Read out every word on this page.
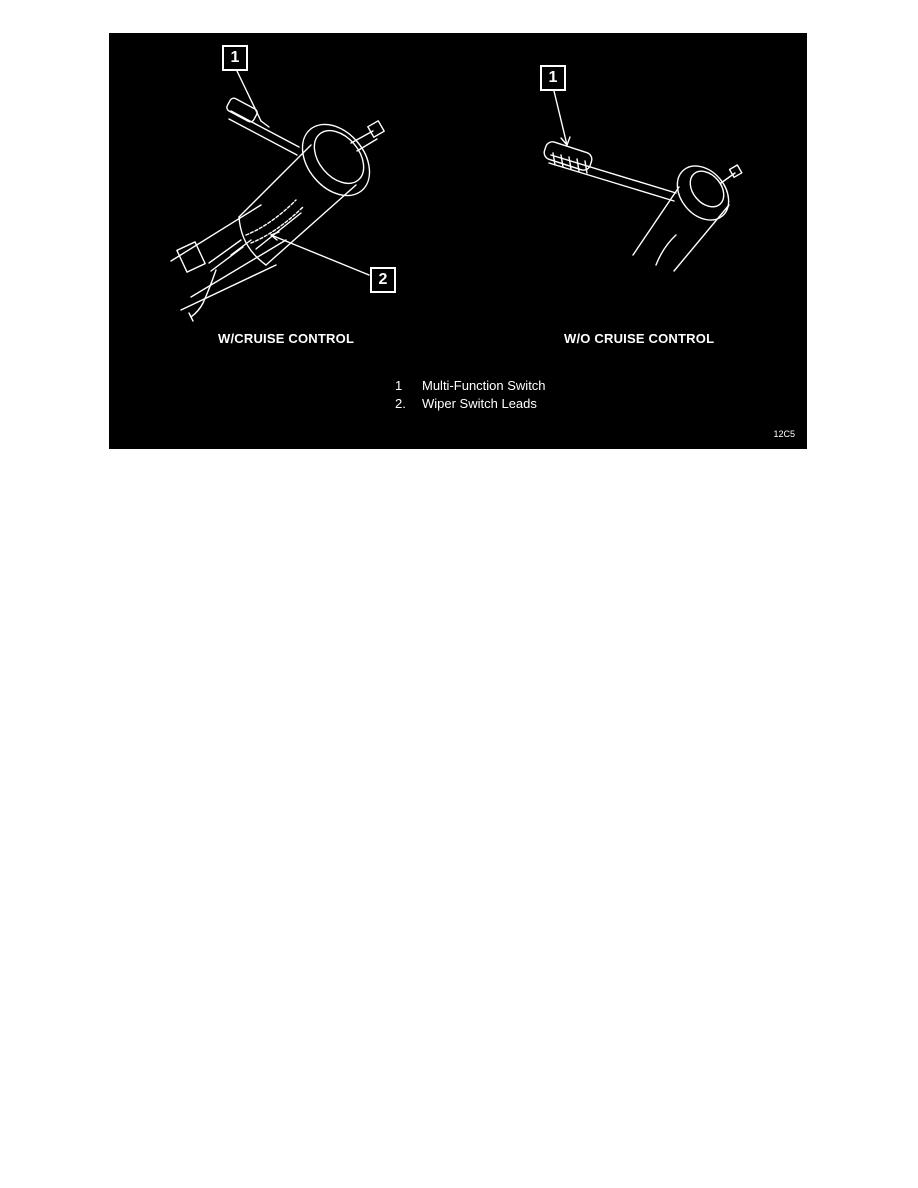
1
2
1
W/CRUISE CONTROL	W/O CRUISE CONTROL
1	Multi-Function Switch
2.	Wiper Switch Leads
12C5
